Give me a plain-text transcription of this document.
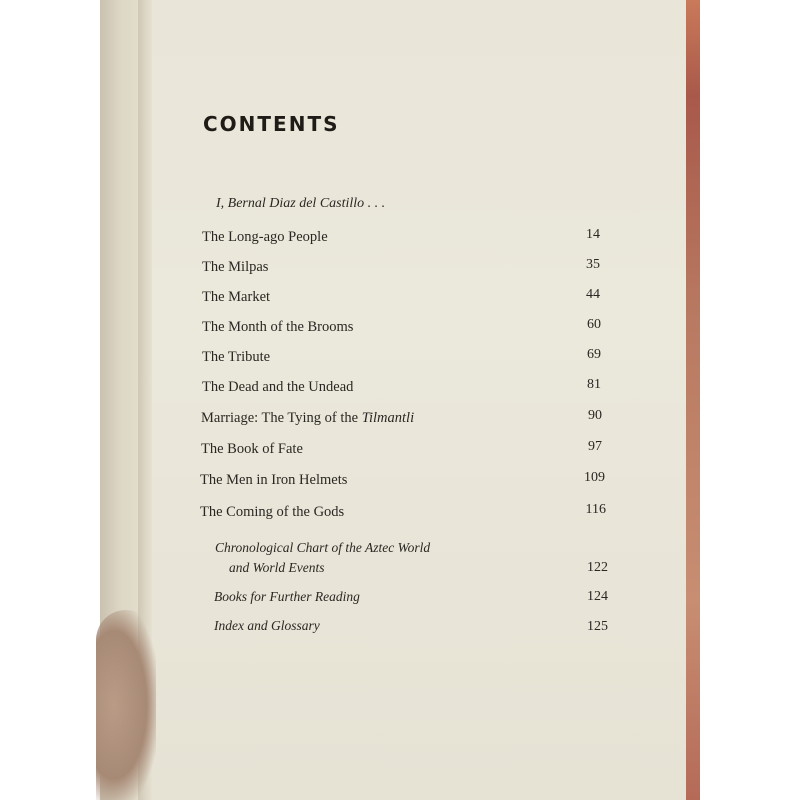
CONTENTS
I, Bernal Diaz del Castillo . . .
The Long-ago People	14
The Milpas	35
The Market	44
The Month of the Brooms	60
The Tribute	69
The Dead and the Undead	81
Marriage: The Tying of the Tilmantli	90
The Book of Fate	97
The Men in Iron Helmets	109
The Coming of the Gods	116
Chronological Chart of the Aztec World
and World Events	122
Books for Further Reading	124
Index and Glossary	125
